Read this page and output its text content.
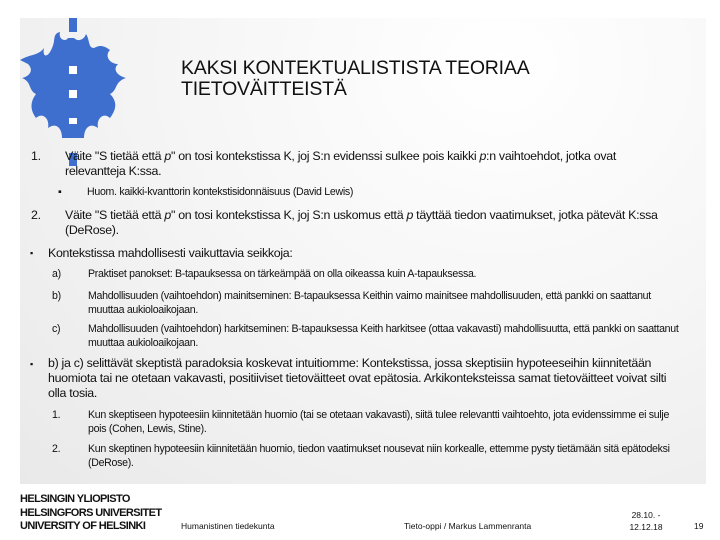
KAKSI KONTEKTUALISTISTA TEORIAA
TIETOVÄITTEISTÄ
1. Väite "S tietää että p" on tosi kontekstissa K, joj S:n evidenssi sulkee pois kaikki p:n vaihtoehdot, jotka ovat relevantteja K:ssa.
▪ Huom. kaikki-kvanttorin kontekstisidonnäisuus (David Lewis)
2. Väite "S tietää että p" on tosi kontekstissa K, joj S:n uskomus että p täyttää tiedon vaatimukset, jotka pätevät K:ssa (DeRose).
▪ Kontekstissa mahdollisesti vaikuttavia seikkoja:
a)	Praktiset panokset: B-tapauksessa on tärkeämpää on olla oikeassa kuin A-tapauksessa.
b)	Mahdollisuuden (vaihtoehdon) mainitseminen: B-tapauksessa Keithin vaimo mainitsee mahdollisuuden, että pankki on saattanut muuttaa aukioloaikojaan.
c)	Mahdollisuuden (vaihtoehdon) harkitseminen: B-tapauksessa Keith harkitsee (ottaa vakavasti) mahdollisuutta, että pankki on saattanut muuttaa aukioloaikojaan.
▪ b) ja c) selittävät skeptistä paradoksia koskevat intuitiomme: Kontekstissa, jossa skeptisiin hypoteeseihin kiinnitetään huomiota tai ne otetaan vakavasti, positiiviset tietoväitteet ovat epätosia. Arkikonteksteissa samat tietoväitteet voivat silti olla tosia.
1.	Kun skeptiseen hypoteesiin kiinnitetään huomio (tai se otetaan vakavasti), siitä tulee relevantti vaihtoehto, jota evidenssimme ei sulje pois (Cohen, Lewis, Stine).
2.	Kun skeptinen hypoteesiin kiinnitetään huomio, tiedon vaatimukset nousevat niin korkealle, ettemme pysty tietämään sitä epätodeksi (DeRose).
HELSINGIN YLIOPISTO
HELSINGFORS UNIVERSITET
UNIVERSITY OF HELSINKI	Humanistinen tiedekunta	Tieto-oppi / Markus Lammenranta
28.10. -
12.12.18	19
